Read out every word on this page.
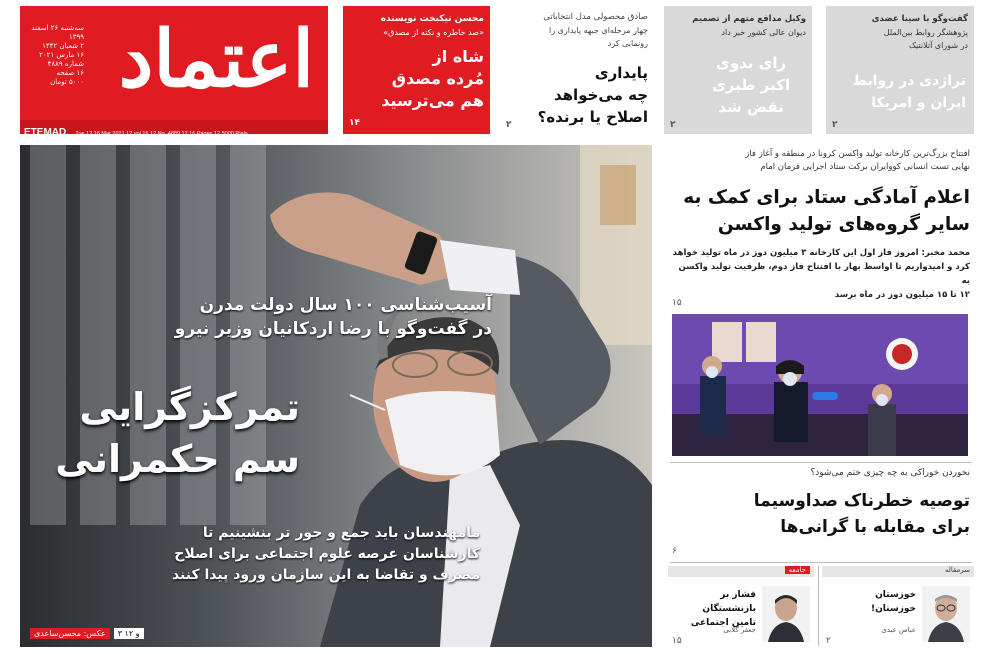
اعتماد
سه‌شنبه ۲۶ اسفند ۱۳۹۹
۲ شعبان ۱۴۴۲
۱۶ مارس ۲۰۲۱
شماره ۴۸۸۹
۱۶ صفحه
۵۰۰۰ تومان
ETEMAD Tue 12 16 Mar 2021 12 vol 16 12 No. 4889 12 16 Pages 12 5000 Rials
محسن نیکبخت‌ نویسنده
«صد خاطره و نکته از مصدق»
شاه از
مُرده مصدق
هم می‌ترسید
۱۴
صادق محصولی مدل انتخاباتی
چهار مرحله‌ای جبهه پایداری را
رونمایی کرد
پایداری
چه می‌خواهد
اصلاح یا برنده؟
۲
وکیل مدافع متهم از تصمیم
دیوان عالی کشور خبر داد
رای بدوی
اکبر طبری
نقض شد
۲
گفت‌وگو با سینا عضدی
پژوهشگر روابط بین‌الملل
در شورای آتلانتیک
تراژدی در روابط
ایران و امریکا
۲
آسیب‌شناسی ۱۰۰ سال دولت مدرن
در گفت‌وگو با رضا اردکانیان وزیر نیرو
تمرکزگرایی
سم حکمرانی
مامهندسان باید جمع و جور تر بنشینیم تا
کارشناسان عرصه علوم اجتماعی برای اصلاح
مصرف و تقاضا به این سازمان ورود پیدا کنند
عکس: محسن‌ساعدی	۳ و ۱۲
افتتاح بزرگ‌ترین کارخانه تولید واکسن کرونا در منطقه و آغاز فاز
نهایی تست انسانی کووایران برکت ستاد اجرایی فرمان امام
اعلام آمادگی ستاد برای کمک به
سایر گروه‌های تولید واکسن
محمد مخبر: امروز فاز اول این کارخانه ۳ میلیون دوز در ماه تولید خواهد
کرد و امیدواریم تا اواسط بهار با افتتاح فاز دوم، ظرفیت تولید واکسن به
۱۲ تا ۱۵ میلیون دوز در ماه برسد
۱۵
نخوردن خوراکی به چه چیزی ختم می‌شود؟
توصیه خطرناک صداوسیما
برای مقابله با گرانی‌ها
۶
جامعه
فشار بر بازنشستگان
تامین اجتماعی
جعفر گلابی
۱۵
سرمقاله
خوزستان
خوزستان!
عباس عبدی
۲
